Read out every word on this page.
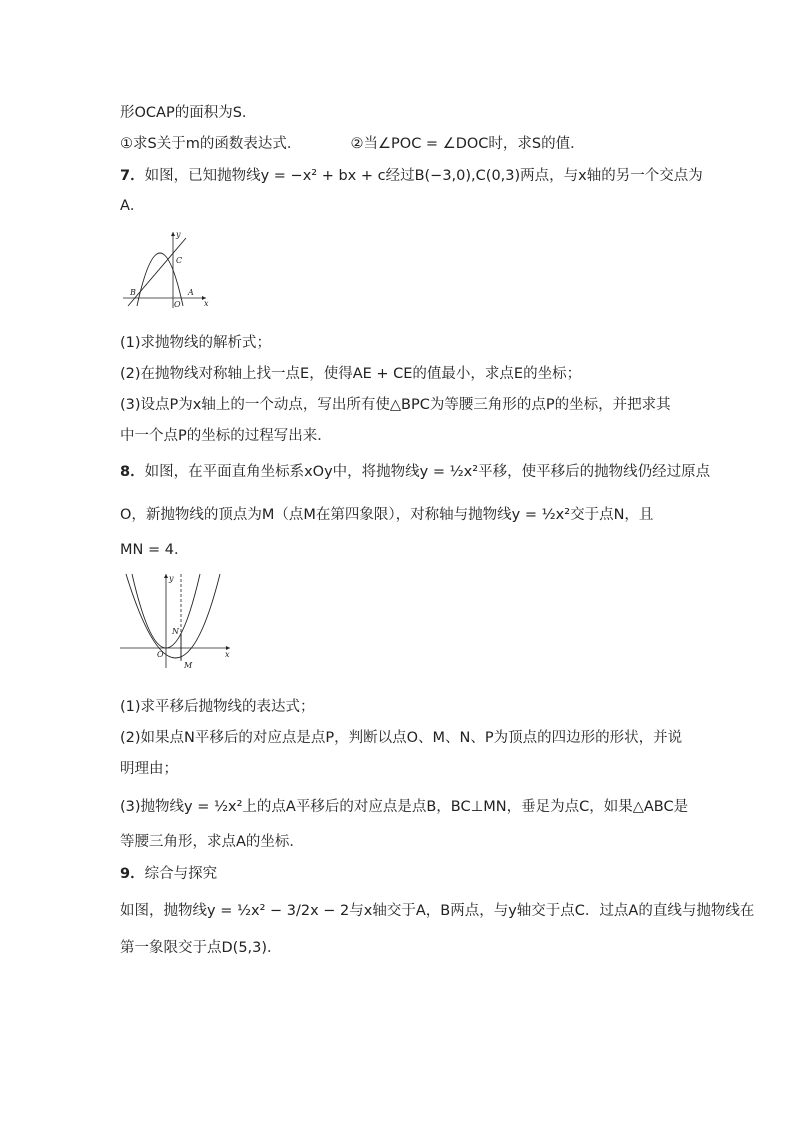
形OCAP的面积为S．
①求S关于m的函数表达式．	②当∠POC = ∠DOC时，求S的值．
7．如图，已知抛物线y = −x² + bx + c经过B(−3,0),C(0,3)两点，与x轴的另一个交点为
A．
y
x
B
C
O
A
(1)求抛物线的解析式；
(2)在抛物线对称轴上找一点E，使得AE + CE的值最小，求点E的坐标；
(3)设点P为x轴上的一个动点，写出所有使△BPC为等腰三角形的点P的坐标，并把求其
中一个点P的坐标的过程写出来．
8．如图，在平面直角坐标系xOy中，将抛物线y = ½x²平移，使平移后的抛物线仍经过原点
O，新抛物线的顶点为M（点M在第四象限），对称轴与抛物线y = ½x²交于点N，且
MN = 4．
y
x
N
O
M
(1)求平移后抛物线的表达式；
(2)如果点N平移后的对应点是点P，判断以点O、M、N、P为顶点的四边形的形状，并说
明理由；
(3)抛物线y = ½x²上的点A平移后的对应点是点B，BC⊥MN，垂足为点C，如果△ABC是
等腰三角形，求点A的坐标．
9．综合与探究
如图，抛物线y = ½x² − 3/2x − 2与x轴交于A，B两点，与y轴交于点C．过点A的直线与抛物线在
第一象限交于点D(5,3)．
